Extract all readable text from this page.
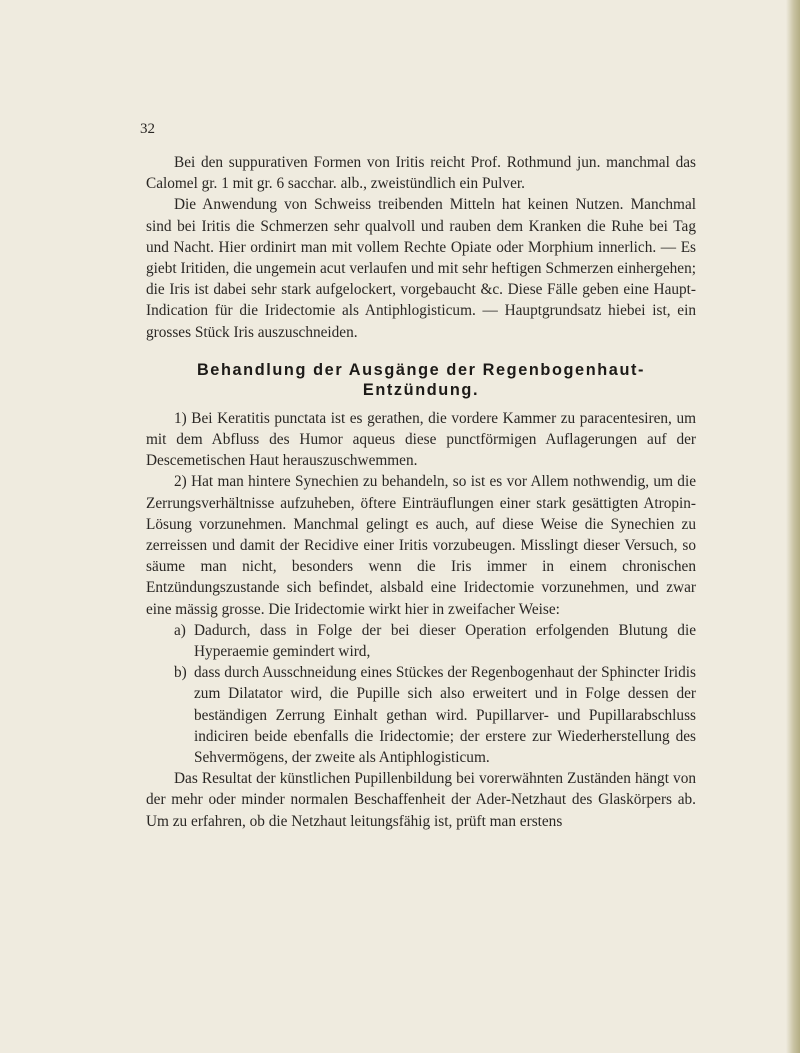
32

Bei den suppurativen Formen von Iritis reicht Prof. Rothmund jun. manchmal das Calomel gr. 1 mit gr. 6 sacchar. alb., zweistündlich ein Pulver.

Die Anwendung von Schweiss treibenden Mitteln hat keinen Nutzen. Manchmal sind bei Iritis die Schmerzen sehr qualvoll und rauben dem Kranken die Ruhe bei Tag und Nacht. Hier ordinirt man mit vollem Rechte Opiate oder Morphium innerlich. — Es giebt Iritiden, die ungemein acut verlaufen und mit sehr heftigen Schmerzen einhergehen; die Iris ist dabei sehr stark aufgelockert, vorgebaucht &c. Diese Fälle geben eine Haupt-Indication für die Iridectomie als Antiphlogisticum. — Hauptgrundsatz hiebei ist, ein grosses Stück Iris auszuschneiden.

Behandlung der Ausgänge der Regenbogenhaut-
Entzündung.

1) Bei Keratitis punctata ist es gerathen, die vordere Kammer zu paracentesiren, um mit dem Abfluss des Humor aqueus diese punctförmigen Auflagerungen auf der Descemetischen Haut herauszuschwemmen.

2) Hat man hintere Synechien zu behandeln, so ist es vor Allem nothwendig, um die Zerrungsverhältnisse aufzuheben, öftere Einträuflungen einer stark gesättigten Atropin-Lösung vorzunehmen. Manchmal gelingt es auch, auf diese Weise die Synechien zu zerreissen und damit der Recidive einer Iritis vorzubeugen. Misslingt dieser Versuch, so säume man nicht, besonders wenn die Iris immer in einem chronischen Entzündungszustande sich befindet, alsbald eine Iridectomie vorzunehmen, und zwar eine mässig grosse. Die Iridectomie wirkt hier in zweifacher Weise:

a) Dadurch, dass in Folge der bei dieser Operation erfolgenden Blutung die Hyperaemie gemindert wird,
b) dass durch Ausschneidung eines Stückes der Regenbogenhaut der Sphincter Iridis zum Dilatator wird, die Pupille sich also erweitert und in Folge dessen der beständigen Zerrung Einhalt gethan wird. Pupillarver- und Pupillarabschluss indiciren beide ebenfalls die Iridectomie; der erstere zur Wiederherstellung des Sehvermögens, der zweite als Antiphlogisticum.

Das Resultat der künstlichen Pupillenbildung bei vorerwähnten Zuständen hängt von der mehr oder minder normalen Beschaffenheit der Ader-Netzhaut des Glaskörpers ab. Um zu erfahren, ob die Netzhaut leitungsfähig ist, prüft man erstens
